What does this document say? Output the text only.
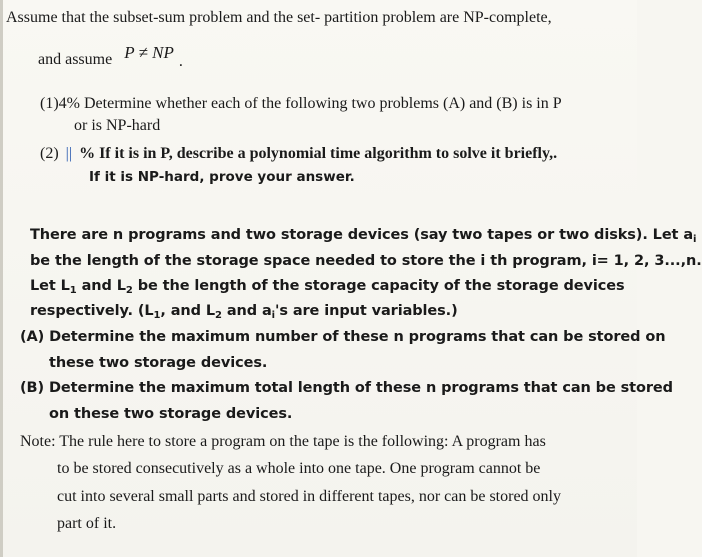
Assume that the subset-sum problem and the set- partition problem are NP-complete,
and assume P ≠ NP .
(1)4% Determine whether each of the following two problems (A) and (B) is in P
or is NP-hard
(2) || % If it is in P, describe a polynomial time algorithm to solve it briefly,.
If it is NP-hard, prove your answer.
There are n programs and two storage devices (say two tapes or two disks). Let $a_i$
be the length of the storage space needed to store the i th program, i= 1, 2, 3...,n.
Let $L_1$ and $L_2$ be the length of the storage capacity of the storage devices
respectively. ($L_1$, and $L_2$ and $a_i's$ are input variables.)
(A) Determine the maximum number of these n programs that can be stored on
these two storage devices.
(B) Determine the maximum total length of these n programs that can be stored
on these two storage devices.
Note: The rule here to store a program on the tape is the following: A program has
to be stored consecutively as a whole into one tape. One program cannot be
cut into several small parts and stored in different tapes, nor can be stored only
part of it.
